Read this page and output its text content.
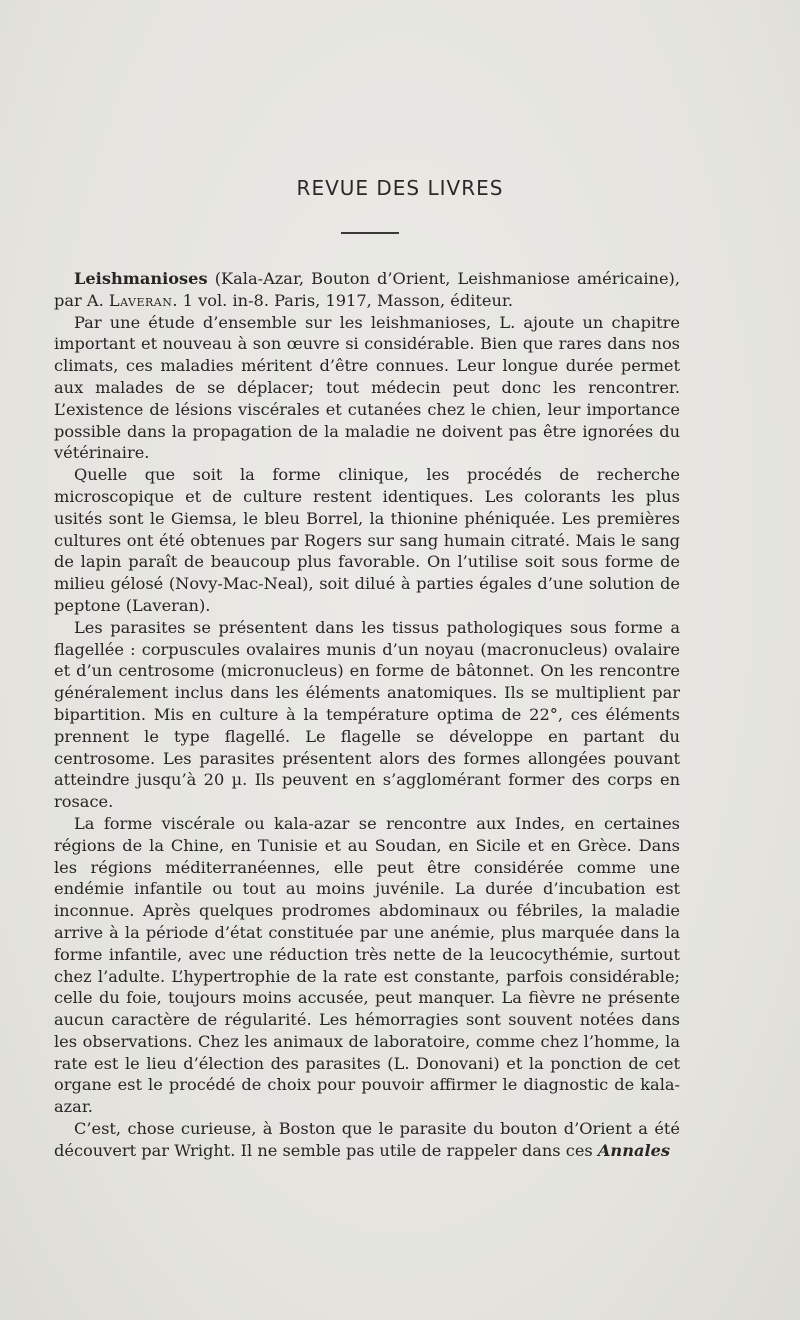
REVUE DES LIVRES

Leishmanioses (Kala-Azar, Bouton d’Orient, Leishmaniose américaine), par A. Laveran. 1 vol. in-8. Paris, 1917, Masson, éditeur.

Par une étude d’ensemble sur les leishmanioses, L. ajoute un chapitre important et nouveau à son œuvre si considérable. Bien que rares dans nos climats, ces maladies méritent d’être connues. Leur longue durée permet aux malades de se déplacer; tout médecin peut donc les rencontrer. L’existence de lésions viscérales et cutanées chez le chien, leur importance possible dans la propagation de la maladie ne doivent pas être ignorées du vétérinaire.

Quelle que soit la forme clinique, les procédés de recherche microscopique et de culture restent identiques. Les colorants les plus usités sont le Giemsa, le bleu Borrel, la thionine phéniquée. Les premières cultures ont été obtenues par Rogers sur sang humain citraté. Mais le sang de lapin paraît de beaucoup plus favorable. On l’utilise soit sous forme de milieu gélosé (Novy-Mac-Neal), soit dilué à parties égales d’une solution de peptone (Laveran).

Les parasites se présentent dans les tissus pathologiques sous forme a flagellée : corpuscules ovalaires munis d’un noyau (macronucleus) ovalaire et d’un centrosome (micronucleus) en forme de bâtonnet. On les rencontre généralement inclus dans les éléments anatomiques. Ils se multiplient par bipartition. Mis en culture à la température optima de 22°, ces éléments prennent le type flagellé. Le flagelle se développe en partant du centrosome. Les parasites présentent alors des formes allongées pouvant atteindre jusqu’à 20 µ. Ils peuvent en s’agglomérant former des corps en rosace.

La forme viscérale ou kala-azar se rencontre aux Indes, en certaines régions de la Chine, en Tunisie et au Soudan, en Sicile et en Grèce. Dans les régions méditerranéennes, elle peut être considérée comme une endémie infantile ou tout au moins juvénile. La durée d’incubation est inconnue. Après quelques prodromes abdominaux ou fébriles, la maladie arrive à la période d’état constituée par une anémie, plus marquée dans la forme infantile, avec une réduction très nette de la leucocythémie, surtout chez l’adulte. L’hypertrophie de la rate est constante, parfois considérable; celle du foie, toujours moins accusée, peut manquer. La fièvre ne présente aucun caractère de régularité. Les hémorragies sont souvent notées dans les observations. Chez les animaux de laboratoire, comme chez l’homme, la rate est le lieu d’élection des parasites (L. Donovani) et la ponction de cet organe est le procédé de choix pour pouvoir affirmer le diagnostic de kala-azar.

C’est, chose curieuse, à Boston que le parasite du bouton d’Orient a été découvert par Wright. Il ne semble pas utile de rappeler dans ces Annales
